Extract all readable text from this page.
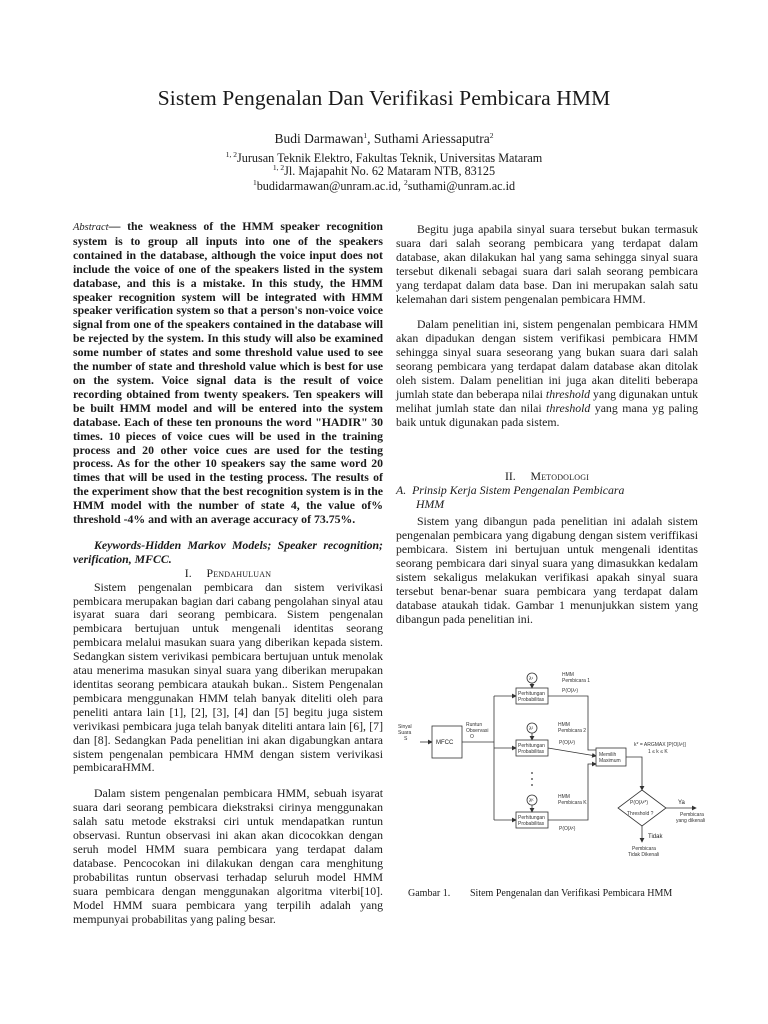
Sistem Pengenalan Dan Verifikasi Pembicara HMM
Budi Darmawan$^1$, Suthami Ariessaputra$^2$
$^{1, 2}$Jurusan Teknik Elektro, Fakultas Teknik, Universitas Mataram
$^{1, 2}$Jl. Majapahit No. 62 Mataram NTB, 83125
$^1$budidarmawan@unram.ac.id, $^2$suthami@unram.ac.id

Abstract— the weakness of the HMM speaker recognition system is to group all inputs into one of the speakers contained in the database, although the voice input does not include the voice of one of the speakers listed in the system database, and this is a mistake. In this study, the HMM speaker recognition system will be integrated with HMM speaker verification system so that a person's non-voice voice signal from one of the speakers contained in the database will be rejected by the system. In this study will also be examined some number of states and some threshold value used to see the number of state and threshold value which is best for use on the system. Voice signal data is the result of voice recording obtained from twenty speakers. Ten speakers will be built HMM model and will be entered into the system database. Each of these ten pronouns the word "HADIR" 30 times. 10 pieces of voice cues will be used in the training process and 20 other voice cues are used for the testing process. As for the other 10 speakers say the same word 20 times that will be used in the testing process. The results of the experiment show that the best recognition system is in the HMM model with the number of state 4, the value of% threshold -4% and with an average accuracy of 73.75%.

Keywords-Hidden Markov Models; Speaker recognition; verification, MFCC.

I. Pendahuluan

Sistem pengenalan pembicara dan sistem verivikasi pembicara merupakan bagian dari cabang pengolahan sinyal atau isyarat suara dari seorang pembicara. Sistem pengenalan pembicara bertujuan untuk mengenali identitas seorang pembicara melalui masukan suara yang diberikan kepada sistem. Sedangkan sistem verivikasi pembicara bertujuan untuk menolak atau menerima masukan sinyal suara yang diberikan merupakan identitas seorang pembicara ataukah bukan.. Sistem Pengenalan pembicara menggunakan HMM telah banyak diteliti oleh para peneliti antara lain [1], [2], [3], [4] dan [5] begitu juga sistem verivikasi pembicara juga telah banyak diteliti antara lain [6], [7] dan [8]. Sedangkan Pada penelitian ini akan digabungkan antara sistem pengenalan pembicara HMM dengan sistem verivikasi pembicaraHMM.

Dalam sistem pengenalan pembicara HMM, sebuah isyarat suara dari seorang pembicara diekstraksi cirinya menggunakan salah satu metode ekstraksi ciri untuk mendapatkan runtun observasi. Runtun observasi ini akan akan dicocokkan dengan seruh model HMM suara pembicara yang terdapat dalam database. Pencocokan ini dilakukan dengan cara menghitung probabilitas runtun observasi terhadap seluruh model HMM suara pembicara dengan menggunakan algoritma viterbi[10]. Model HMM suara pembicara yang terpilih adalah yang mempunyai probabilitas yang paling besar.

Begitu juga apabila sinyal suara tersebut bukan termasuk suara dari salah seorang pembicara yang terdapat dalam database, akan dilakukan hal yang sama sehingga sinyal suara tersebut dikenali sebagai suara dari salah seorang pembicara yang terdapat dalam data base. Dan ini merupakan salah satu kelemahan dari sistem pengenalan pembicara HMM.

Dalam penelitian ini, sistem pengenalan pembicara HMM akan dipadukan dengan sistem verifikasi pembicara HMM sehingga sinyal suara seseorang yang bukan suara dari salah seorang pembicara yang terdapat dalam database akan ditolak oleh sistem. Dalam penelitian ini juga akan diteliti beberapa jumlah state dan beberapa nilai threshold yang digunakan untuk melihat jumlah state dan nilai threshold yang mana yg paling baik untuk digunakan pada sistem.

II. Metodologi

A. Prinsip Kerja Sistem Pengenalan Pembicara
HMM

Sistem yang dibangun pada penelitian ini adalah sistem pengenalan pembicara yang digabung dengan sistem veriffikasi pembicara. Sistem ini bertujuan untuk mengenali identitas seorang pembicara dari sinyal suara yang dimasukkan kedalam sistem sekaligus melakukan verifikasi apakah sinyal suara tersebut benar-benar suara pembicara yang terdapat dalam database ataukah tidak. Gambar 1 menunjukkan sistem yang dibangun pada penelitian ini.

Sinyal
Suara
S
MFCC
Runtun
Observasi
O
λ¹
λ²
λᴷ
HMM
Pembicara 1
HMM
Pembicara 2
HMM
Pembicara K
Perhitungan
Probabilitas
Perhitungan
Probabilitas
Perhitungan
Probabilitas
P(O|λ¹)
P(O|λ²)
P(O|λᴷ)
Memilih
Maximum
k* = ARGMAX [P(O|λᵏ)]
1 ≤ k ≤ K
P(O|λᵏ*)
Threshold ?
Ya
Tidak
Pembicara
yang dikenali
Pembicara
Tidak Dikenali
Gambar 1. Sitem Pengenalan dan Verifikasi Pembicara HMM
